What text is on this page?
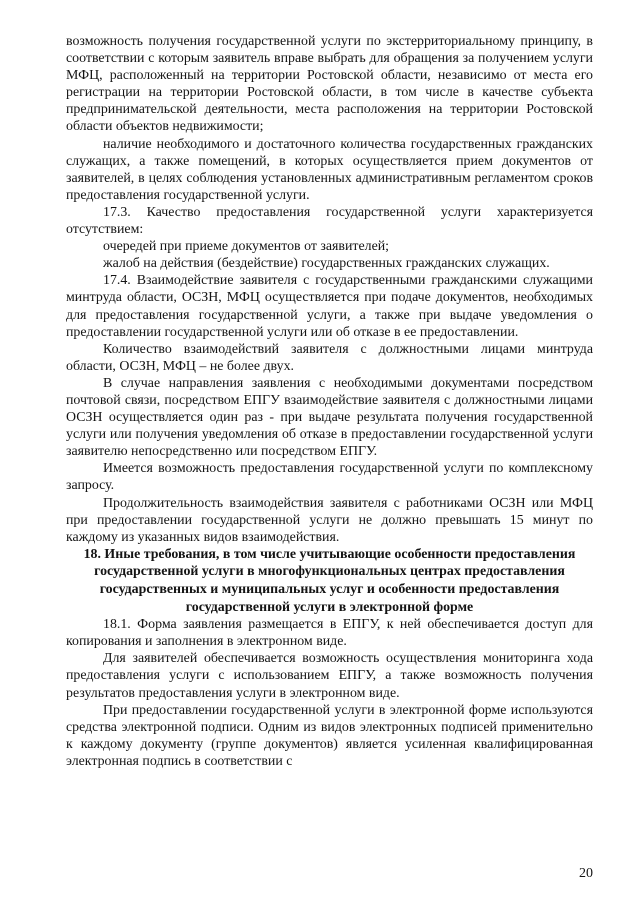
возможность получения государственной услуги по экстерриториальному принципу, в соответствии с которым заявитель вправе выбрать для обращения за получением услуги МФЦ, расположенный на территории Ростовской области, независимо от места его регистрации на территории Ростовской области, в том числе в качестве субъекта предпринимательской деятельности, места расположения на территории Ростовской области объектов недвижимости;

наличие необходимого и достаточного количества государственных гражданских служащих, а также помещений, в которых осуществляется прием документов от заявителей, в целях соблюдения установленных административным регламентом сроков предоставления государственной услуги.

17.3. Качество предоставления государственной услуги характеризуется отсутствием:

очередей при приеме документов от заявителей;

жалоб на действия (бездействие) государственных гражданских служащих.

17.4. Взаимодействие заявителя с государственными гражданскими служащими минтруда области, ОСЗН, МФЦ осуществляется при подаче документов, необходимых для предоставления государственной услуги, а также при выдаче уведомления о предоставлении государственной услуги или об отказе в ее предоставлении.

Количество взаимодействий заявителя с должностными лицами минтруда области, ОСЗН, МФЦ – не более двух.

В случае направления заявления с необходимыми документами посредством почтовой связи, посредством ЕПГУ взаимодействие заявителя с должностными лицами ОСЗН осуществляется один раз - при выдаче результата получения государственной услуги или получения уведомления об отказе в предоставлении государственной услуги заявителю непосредственно или посредством ЕПГУ.

Имеется возможность предоставления государственной услуги по комплексному запросу.

Продолжительность взаимодействия заявителя с работниками ОСЗН или МФЦ при предоставлении государственной услуги не должно превышать 15 минут по каждому из указанных видов взаимодействия.

18. Иные требования, в том числе учитывающие особенности предоставления государственной услуги в многофункциональных центрах предоставления государственных и муниципальных услуг и особенности предоставления государственной услуги в электронной форме

18.1. Форма заявления размещается в ЕПГУ, к ней обеспечивается доступ для копирования и заполнения в электронном виде.

Для заявителей обеспечивается возможность осуществления мониторинга хода предоставления услуги с использованием ЕПГУ, а также возможность получения результатов предоставления услуги в электронном виде.

При предоставлении государственной услуги в электронной форме используются средства электронной подписи. Одним из видов электронных подписей применительно к каждому документу (группе документов) является усиленная квалифицированная электронная подпись в соответствии с

20
